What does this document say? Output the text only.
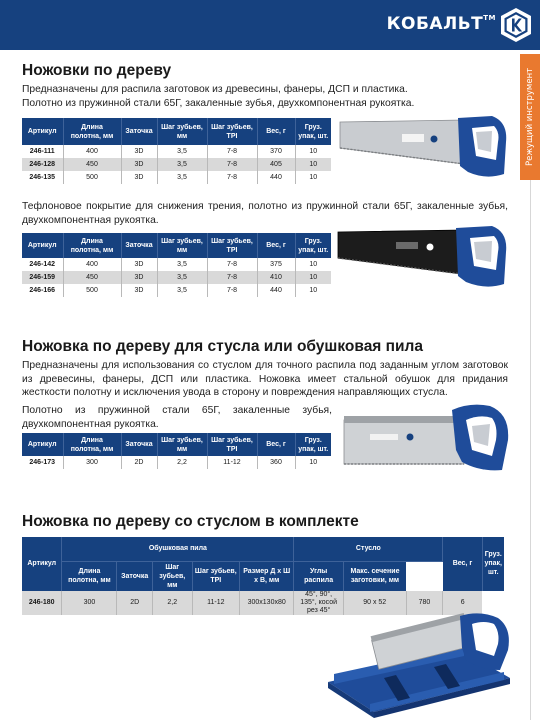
КОБАЛЬТ™
Режущий инструмент
Ножовки по дереву
Предназначены для распила заготовок из древесины, фанеры, ДСП и пластика.
Полотно из пружинной стали 65Г, закаленные зубья, двухкомпонентная рукоятка.
Артикул	Длина полотна, мм	Заточка	Шаг зубьев, мм	Шаг зубьев, TPI	Вес, г	Груз. упак, шт.
246-111	400	3D	3,5	7-8	370	10
246-128	450	3D	3,5	7-8	405	10
246-135	500	3D	3,5	7-8	440	10
Тефлоновое покрытие для снижения трения, полотно из пружинной стали 65Г, закаленные зубья, двухкомпонентная рукоятка.
Артикул	Длина полотна, мм	Заточка	Шаг зубьев, мм	Шаг зубьев, TPI	Вес, г	Груз. упак, шт.
246-142	400	3D	3,5	7-8	375	10
246-159	450	3D	3,5	7-8	410	10
246-166	500	3D	3,5	7-8	440	10
Ножовка по дереву для стусла или обушковая пила
Предназначены для использования со стуслом для точного распила под заданным углом заготовок из древесины, фанеры, ДСП или пластика. Ножовка имеет стальной обушок для придания жесткости полотну и исключения увода в сторону и повреждения направляющих стусла.
Полотно из пружинной стали 65Г, закаленные зубья, двухкомпонентная рукоятка.
Артикул	Длина полотна, мм	Заточка	Шаг зубьев, мм	Шаг зубьев, TPI	Вес, г	Груз. упак, шт.
246-173	300	2D	2,2	11-12	360	10
Ножовка по дереву со стуслом в комплекте
Артикул	Обушковая пила					Стусло			Вес, г	Груз. упак, шт.
	Длина полотна, мм	Заточка	Шаг зубьев, мм	Шаг зубьев, TPI	Размер Д х Ш х В, мм	Углы распила	Макс. сечение заготовки, мм			
246-180	300	2D	2,2	11-12	300х130х80	45°, 90°, 135°, косой рез 45°	90 х 52	780	6	
